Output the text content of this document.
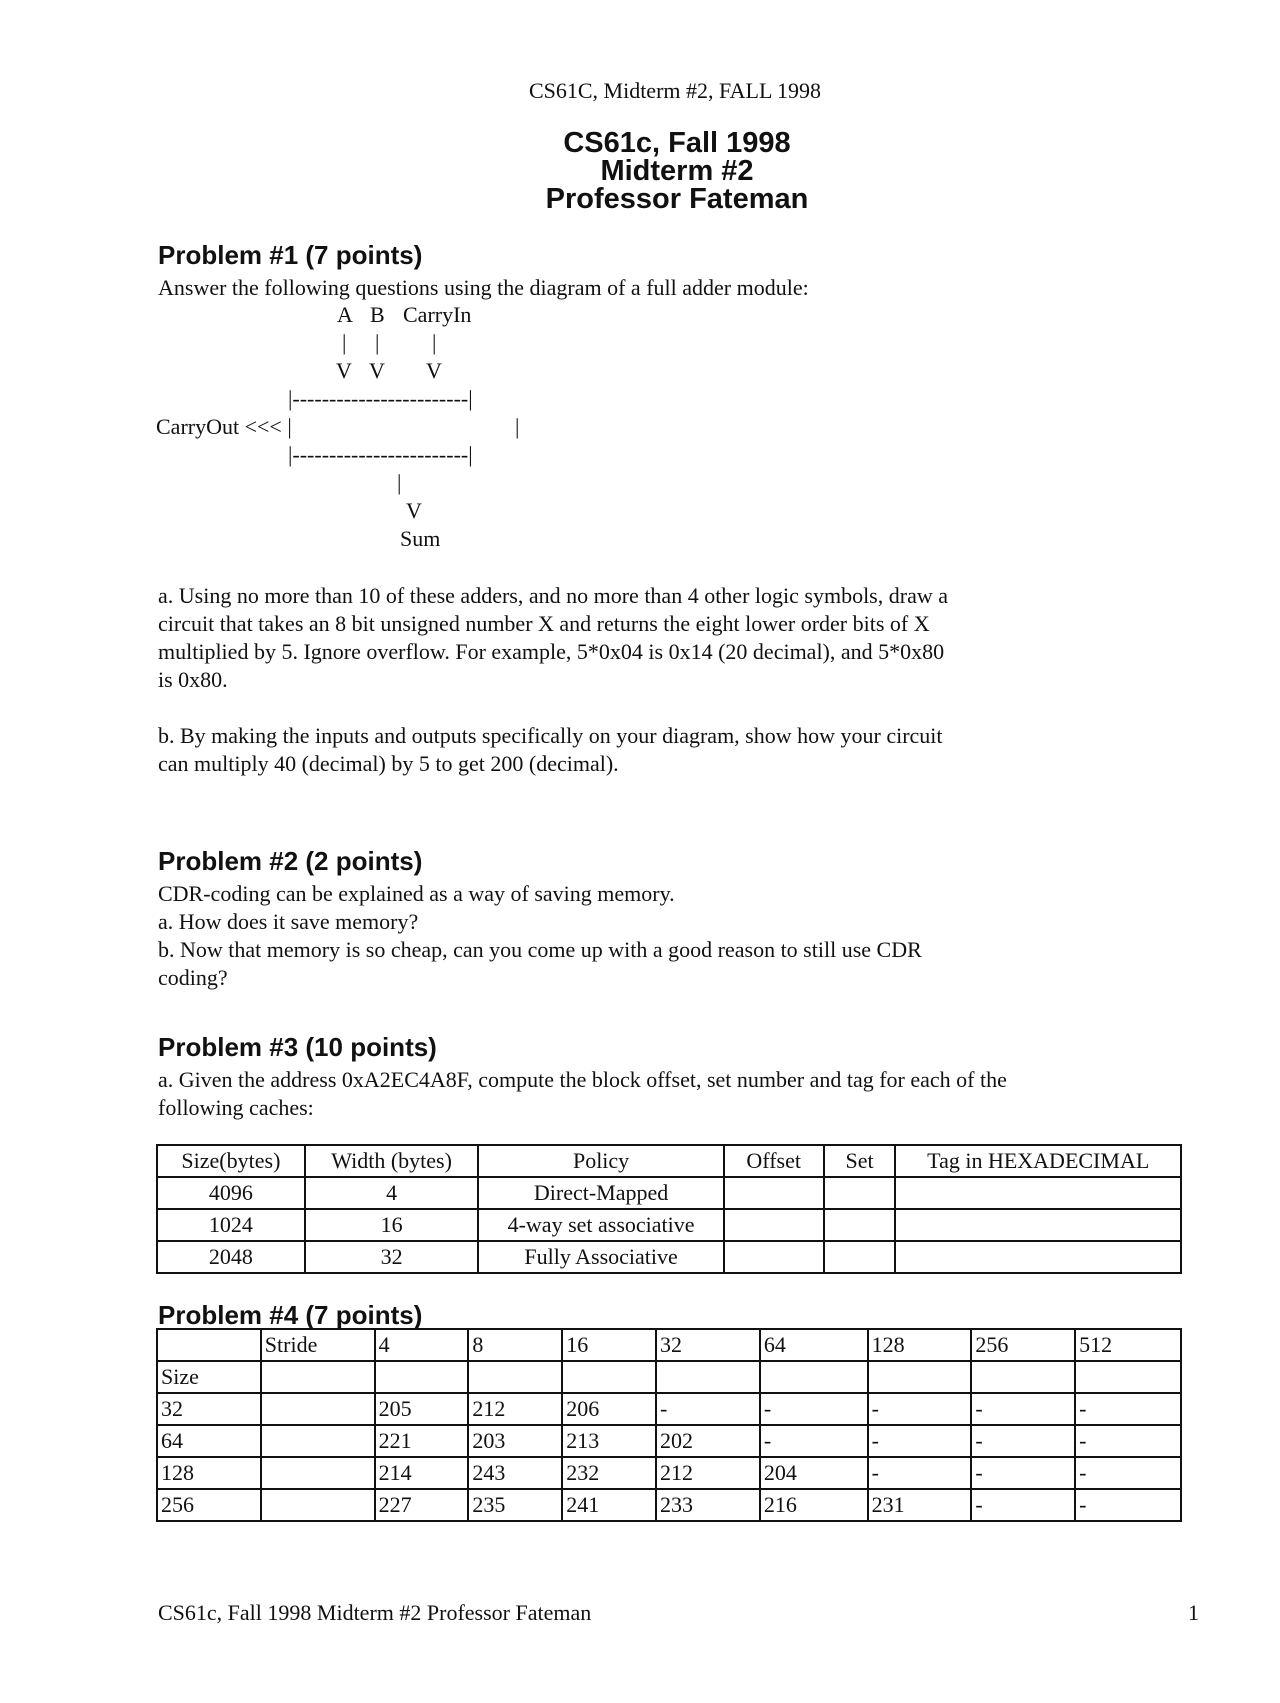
CS61C, Midterm #2, FALL 1998
CS61c, Fall 1998
Midterm #2
Professor Fateman
Problem #1 (7 points)
Answer the following questions using the diagram of a full adder module:
A B CarryIn
| | |
V V V
|------------------------|
CarryOut <<< |	|
|------------------------|
|
V
Sum
a. Using no more than 10 of these adders, and no more than 4 other logic symbols, draw a
circuit that takes an 8 bit unsigned number X and returns the eight lower order bits of X
multiplied by 5. Ignore overflow. For example, 5*0x04 is 0x14 (20 decimal), and 5*0x80
is 0x80.
b. By making the inputs and outputs specifically on your diagram, show how your circuit
can multiply 40 (decimal) by 5 to get 200 (decimal).
Problem #2 (2 points)
CDR-coding can be explained as a way of saving memory.
a. How does it save memory?
b. Now that memory is so cheap, can you come up with a good reason to still use CDR
coding?
Problem #3 (10 points)
a. Given the address 0xA2EC4A8F, compute the block offset, set number and tag for each of the
following caches:
Size(bytes)	Width (bytes)	Policy	Offset	Set	Tag in HEXADECIMAL
4096	4	Direct-Mapped			
1024	16	4-way set associative			
2048	32	Fully Associative			
Problem #4 (7 points)
	Stride	4	8	16	32	64	128	256	512
Size									
32		205	212	206	-	-	-	-	-
64		221	203	213	202	-	-	-	-
128		214	243	232	212	204	-	-	-
256		227	235	241	233	216	231	-	-
CS61c, Fall 1998 Midterm #2 Professor Fateman	1
